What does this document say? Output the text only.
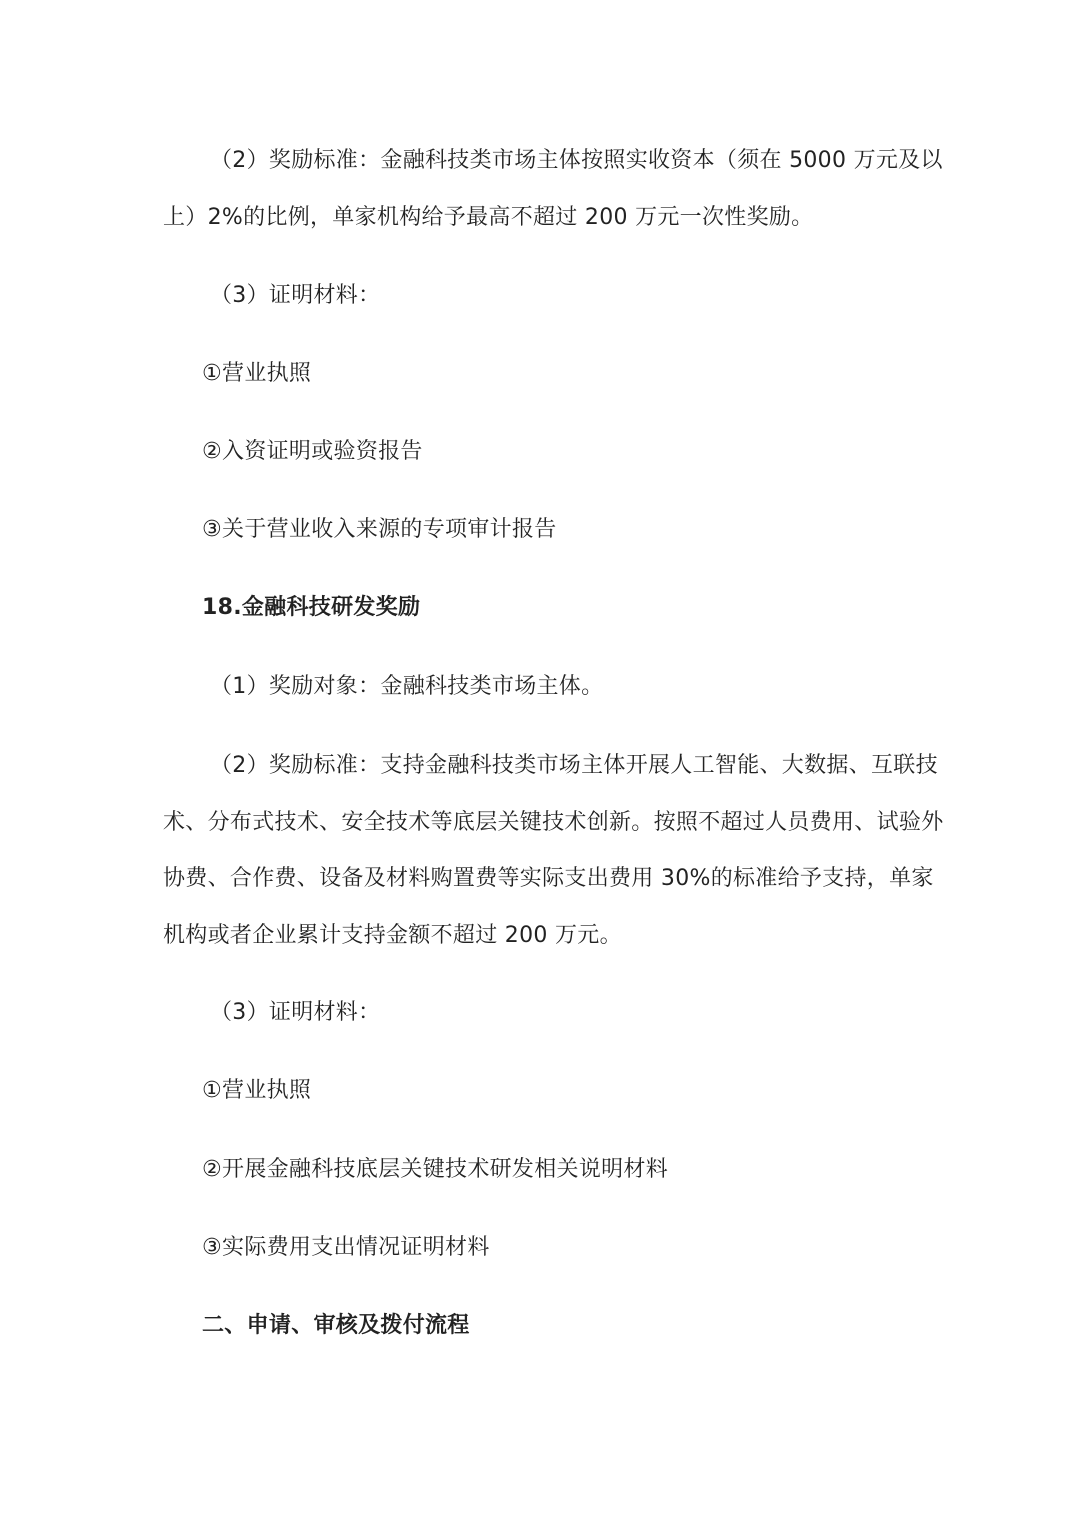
（2）奖励标准：金融科技类市场主体按照实收资本（须在 5000 万元及以
上）2%的比例，单家机构给予最高不超过 200 万元一次性奖励。
（3）证明材料：
①营业执照
②入资证明或验资报告
③关于营业收入来源的专项审计报告
18.金融科技研发奖励
（1）奖励对象：金融科技类市场主体。
（2）奖励标准：支持金融科技类市场主体开展人工智能、大数据、互联技
术、分布式技术、安全技术等底层关键技术创新。按照不超过人员费用、试验外
协费、合作费、设备及材料购置费等实际支出费用 30%的标准给予支持，单家
机构或者企业累计支持金额不超过 200 万元。
（3）证明材料：
①营业执照
②开展金融科技底层关键技术研发相关说明材料
③实际费用支出情况证明材料
二、申请、审核及拨付流程
